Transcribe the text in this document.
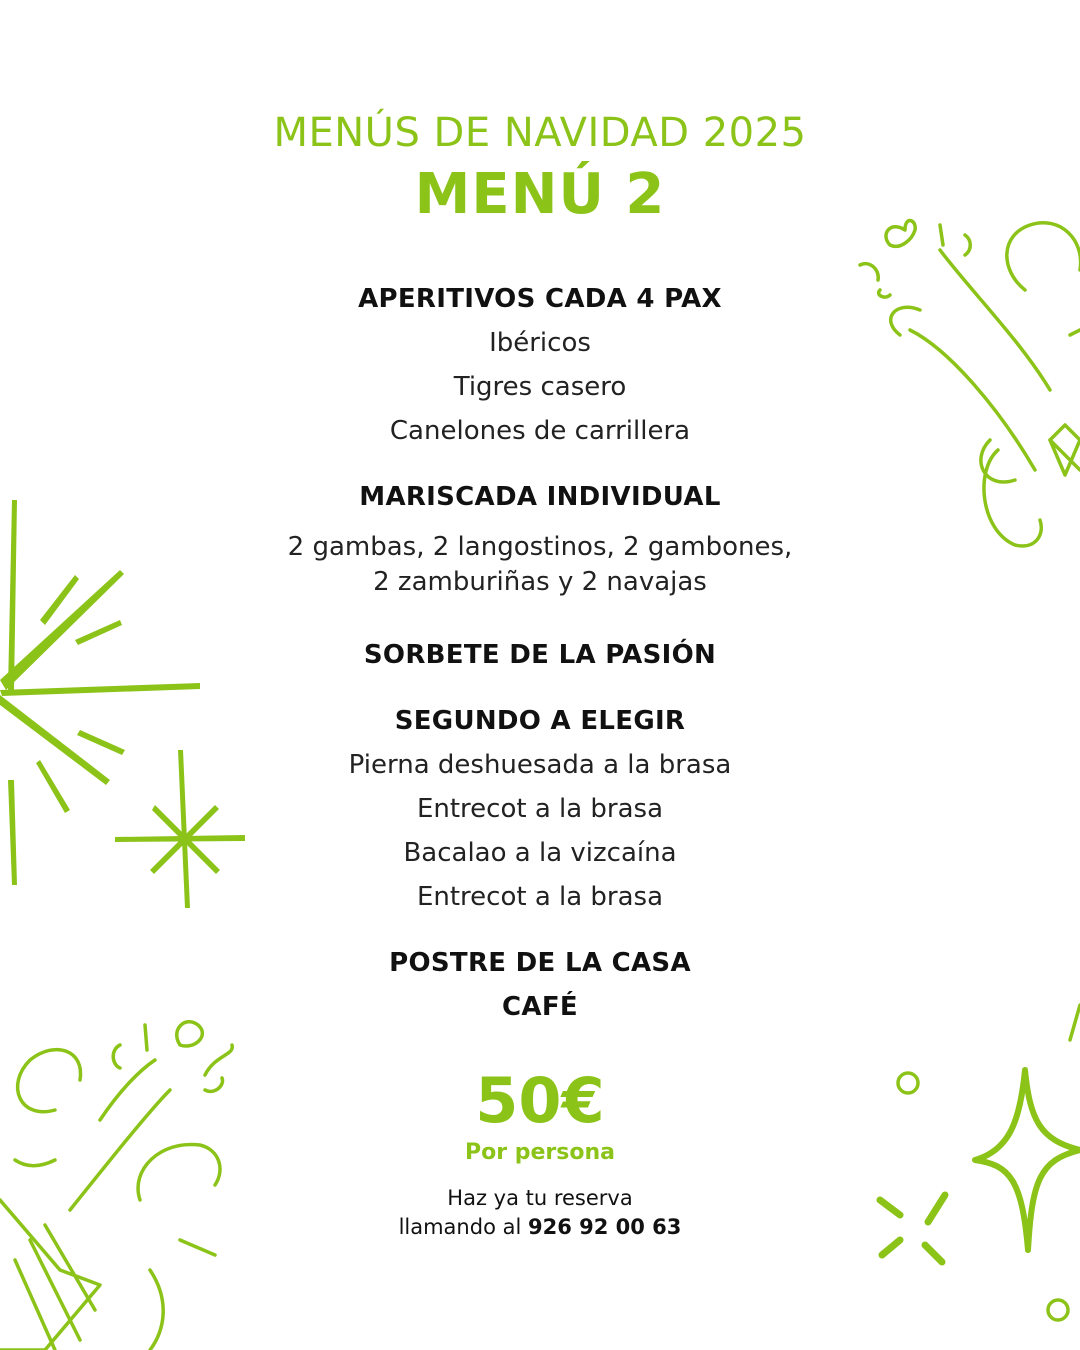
MENÚS DE NAVIDAD 2025
MENÚ 2
APERITIVOS CADA 4 PAX
Ibéricos
Tigres casero
Canelones de carrillera
MARISCADA INDIVIDUAL
2 gambas, 2 langostinos, 2 gambones,
2 zamburiñas y 2 navajas
SORBETE DE LA PASIÓN
SEGUNDO A ELEGIR
Pierna deshuesada a la brasa
Entrecot a la brasa
Bacalao a la vizcaína
Entrecot a la brasa
POSTRE DE LA CASA
CAFÉ
50€
Por persona
Haz ya tu reserva
llamando al 926 92 00 63
